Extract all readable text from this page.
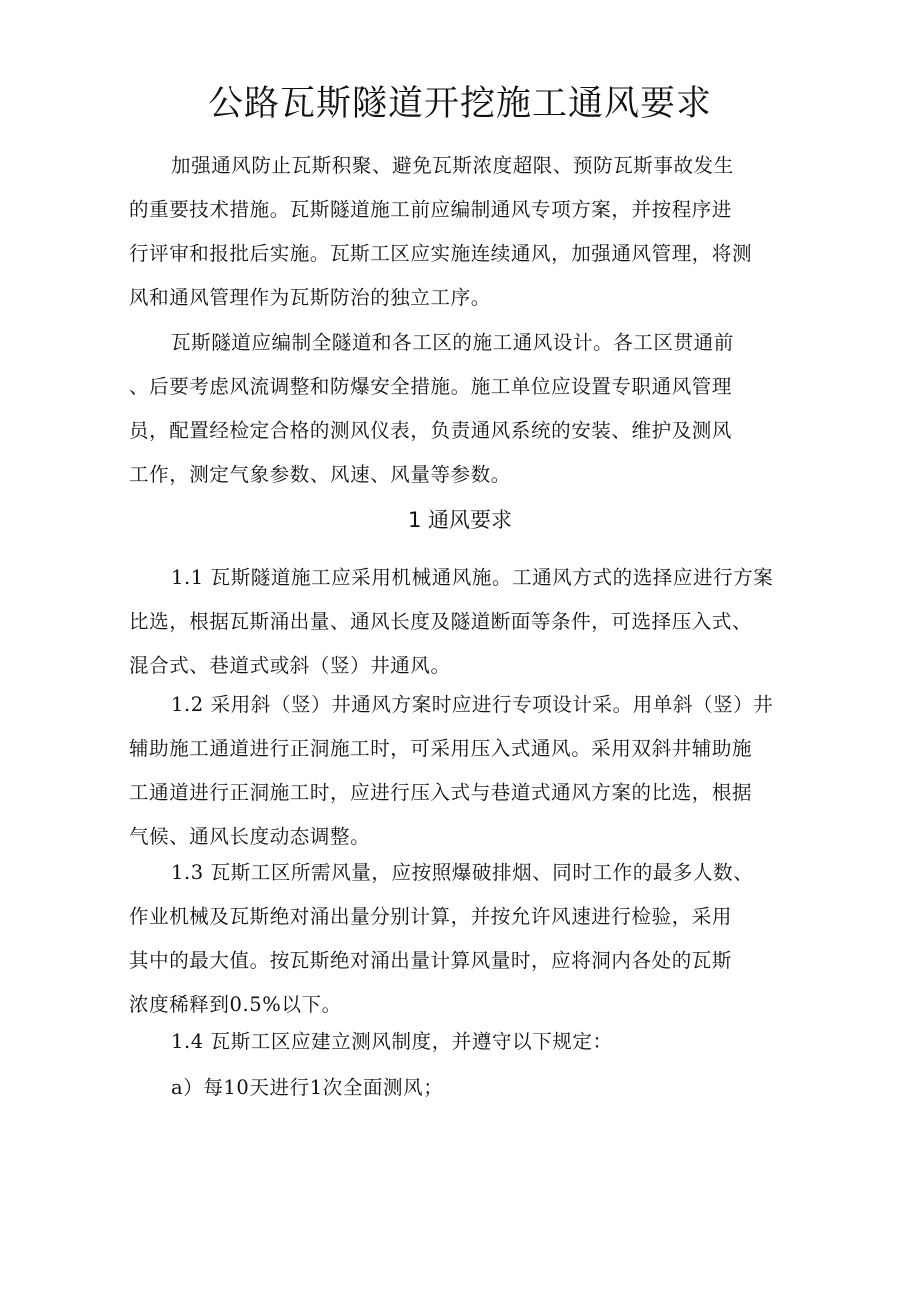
公路瓦斯隧道开挖施工通风要求

加强通风防止瓦斯积聚、避免瓦斯浓度超限、预防瓦斯事故发生
的重要技术措施。瓦斯隧道施工前应编制通风专项方案，并按程序进
行评审和报批后实施。瓦斯工区应实施连续通风，加强通风管理，将测
风和通风管理作为瓦斯防治的独立工序。

瓦斯隧道应编制全隧道和各工区的施工通风设计。各工区贯通前
、后要考虑风流调整和防爆安全措施。施工单位应设置专职通风管理
员，配置经检定合格的测风仪表，负责通风系统的安装、维护及测风
工作，测定气象参数、风速、风量等参数。

1 通风要求

1.1 瓦斯隧道施工应采用机械通风施。工通风方式的选择应进行方案
比选，根据瓦斯涌出量、通风长度及隧道断面等条件，可选择压入式、
混合式、巷道式或斜（竖）井通风。

1.2 采用斜（竖）井通风方案时应进行专项设计采。用单斜（竖）井
辅助施工通道进行正洞施工时，可采用压入式通风。采用双斜井辅助施
工通道进行正洞施工时，应进行压入式与巷道式通风方案的比选，根据
气候、通风长度动态调整。

1.3 瓦斯工区所需风量，应按照爆破排烟、同时工作的最多人数、
作业机械及瓦斯绝对涌出量分别计算，并按允许风速进行检验，采用
其中的最大值。按瓦斯绝对涌出量计算风量时，应将洞内各处的瓦斯
浓度稀释到0.5%以下。

1.4 瓦斯工区应建立测风制度，并遵守以下规定：

a）每10天进行1次全面测风；
